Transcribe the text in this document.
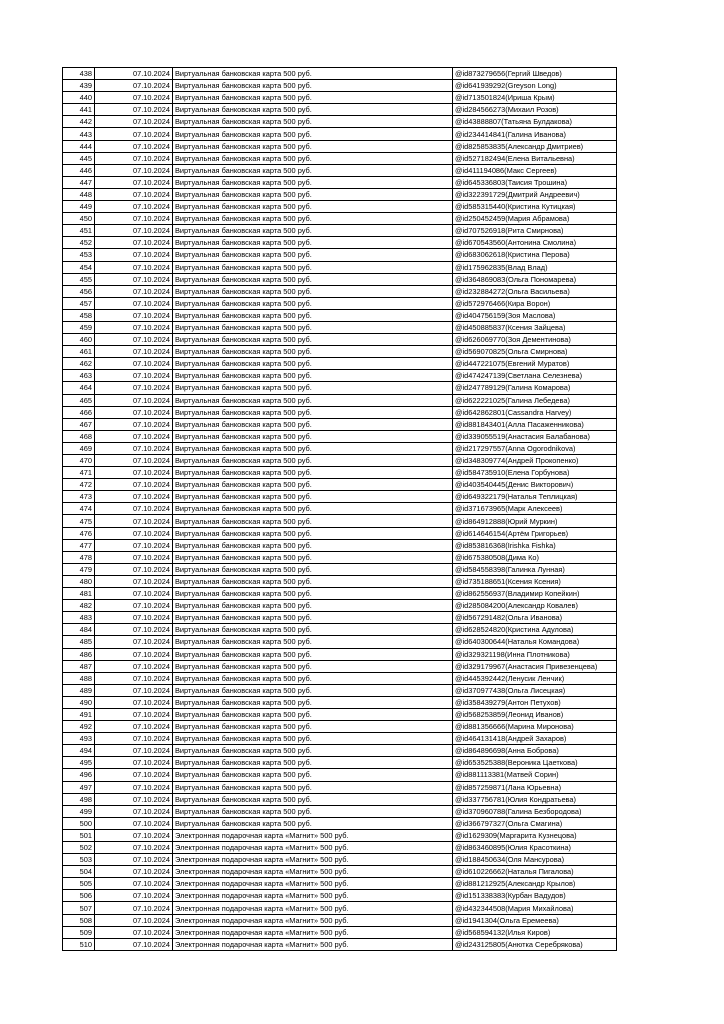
438	07.10.2024	Виртуальная банковская карта 500 руб.	@id873279656(Гергий Шведов)
439	07.10.2024	Виртуальная банковская карта 500 руб.	@id641939292(Greyson Long)
440	07.10.2024	Виртуальная банковская карта 500 руб.	@id713501824(Ириша Крым)
441	07.10.2024	Виртуальная банковская карта 500 руб.	@id284566273(Михаил Розов)
442	07.10.2024	Виртуальная банковская карта 500 руб.	@id43888807(Татьяна Булдакова)
443	07.10.2024	Виртуальная банковская карта 500 руб.	@id234414841(Галина Иванова)
444	07.10.2024	Виртуальная банковская карта 500 руб.	@id825853835(Александр Дмитриев)
445	07.10.2024	Виртуальная банковская карта 500 руб.	@id527182494(Елена Витальевна)
446	07.10.2024	Виртуальная банковская карта 500 руб.	@id411194086(Макс Сергеев)
447	07.10.2024	Виртуальная банковская карта 500 руб.	@id645336803(Таисия Трошина)
448	07.10.2024	Виртуальная банковская карта 500 руб.	@id322391729(Дмитрий Андреевич)
449	07.10.2024	Виртуальная банковская карта 500 руб.	@id585315440(Кристина Кутицкая)
450	07.10.2024	Виртуальная банковская карта 500 руб.	@id250452459(Мария Абрамова)
451	07.10.2024	Виртуальная банковская карта 500 руб.	@id707526918(Рита Смирнова)
452	07.10.2024	Виртуальная банковская карта 500 руб.	@id670543560(Антонина Смолина)
453	07.10.2024	Виртуальная банковская карта 500 руб.	@id683062618(Кристина Перова)
454	07.10.2024	Виртуальная банковская карта 500 руб.	@id175962835(Влад Влад)
455	07.10.2024	Виртуальная банковская карта 500 руб.	@id36486908З(Ольга Пономарева)
456	07.10.2024	Виртуальная банковская карта 500 руб.	@id232884272(Ольга Васильева)
457	07.10.2024	Виртуальная банковская карта 500 руб.	@id572976466(Кира Ворон)
458	07.10.2024	Виртуальная банковская карта 500 руб.	@id404756159(Зоя Маслова)
459	07.10.2024	Виртуальная банковская карта 500 руб.	@id450885837(Ксения Зайцева)
460	07.10.2024	Виртуальная банковская карта 500 руб.	@id626069770(Зоя Дементинова)
461	07.10.2024	Виртуальная банковская карта 500 руб.	@id569070825(Ольга Смирнова)
462	07.10.2024	Виртуальная банковская карта 500 руб.	@id447221075(Евгений Муратов)
463	07.10.2024	Виртуальная банковская карта 500 руб.	@id474247139(Светлана Селезнева)
464	07.10.2024	Виртуальная банковская карта 500 руб.	@id247789129(Галина Комарова)
465	07.10.2024	Виртуальная банковская карта 500 руб.	@id622221025(Галина Лебедева)
466	07.10.2024	Виртуальная банковская карта 500 руб.	@id642862801(Cassandra Harvey)
467	07.10.2024	Виртуальная банковская карта 500 руб.	@id881843401(Алла Пасаженникова)
468	07.10.2024	Виртуальная банковская карта 500 руб.	@id339055519(Анастасия Балабанова)
469	07.10.2024	Виртуальная банковская карта 500 руб.	@id217297557(Anna Ogorodnikova)
470	07.10.2024	Виртуальная банковская карта 500 руб.	@id348309774(Андрей Прокопенко)
471	07.10.2024	Виртуальная банковская карта 500 руб.	@id584735910(Елена Горбунова)
472	07.10.2024	Виртуальная банковская карта 500 руб.	@id403540445(Денис Викторович)
473	07.10.2024	Виртуальная банковская карта 500 руб.	@id649322179(Наталья Теплицкая)
474	07.10.2024	Виртуальная банковская карта 500 руб.	@id371673965(Марк Алексеев)
475	07.10.2024	Виртуальная банковская карта 500 руб.	@id864912888(Юрий Муркин)
476	07.10.2024	Виртуальная банковская карта 500 руб.	@id614646154(Артём Григорьев)
477	07.10.2024	Виртуальная банковская карта 500 руб.	@id853816368(Irishka Fishka)
478	07.10.2024	Виртуальная банковская карта 500 руб.	@id675380508(Дима Ко)
479	07.10.2024	Виртуальная банковская карта 500 руб.	@id584558398(Галинка Лунная)
480	07.10.2024	Виртуальная банковская карта 500 руб.	@id735188651(Ксения Ксения)
481	07.10.2024	Виртуальная банковская карта 500 руб.	@id862556937(Владимир Копейкин)
482	07.10.2024	Виртуальная банковская карта 500 руб.	@id285084200(Александр Ковалев)
483	07.10.2024	Виртуальная банковская карта 500 руб.	@id567291482(Ольга Иванова)
484	07.10.2024	Виртуальная банковская карта 500 руб.	@id628524820(Кристина Адулова)
485	07.10.2024	Виртуальная банковская карта 500 руб.	@id640300644(Наталья Командова)
486	07.10.2024	Виртуальная банковская карта 500 руб.	@id329321198(Инна Плотникова)
487	07.10.2024	Виртуальная банковская карта 500 руб.	@id329179967(Анастасия Привезенцева)
488	07.10.2024	Виртуальная банковская карта 500 руб.	@id445392442(Ленусик Ленчик)
489	07.10.2024	Виртуальная банковская карта 500 руб.	@id370977438(Ольга Лисецкая)
490	07.10.2024	Виртуальная банковская карта 500 руб.	@id358439279(Антон Петухов)
491	07.10.2024	Виртуальная банковская карта 500 руб.	@id568253859(Леонид Иванов)
492	07.10.2024	Виртуальная банковская карта 500 руб.	@id881356666(Марина Миронова)
493	07.10.2024	Виртуальная банковская карта 500 руб.	@id464131418(Андрей Захаров)
494	07.10.2024	Виртуальная банковская карта 500 руб.	@id864896698(Анна Боброва)
495	07.10.2024	Виртуальная банковская карта 500 руб.	@id653525388(Вероника Цаеткова)
496	07.10.2024	Виртуальная банковская карта 500 руб.	@id881113381(Матвей Сорин)
497	07.10.2024	Виртуальная банковская карта 500 руб.	@id857259871(Лана Юрьевна)
498	07.10.2024	Виртуальная банковская карта 500 руб.	@id337756781(Юлия Кондратьева)
499	07.10.2024	Виртуальная банковская карта 500 руб.	@id370960788(Галина Безбородова)
500	07.10.2024	Виртуальная банковская карта 500 руб.	@id366797327(Ольга Смагина)
501	07.10.2024	Электронная подарочная карта «Магнит» 500 руб.	@id1629309(Маргарита Кузнецова)
502	07.10.2024	Электронная подарочная карта «Магнит» 500 руб.	@id863460895(Юлия Красоткина)
503	07.10.2024	Электронная подарочная карта «Магнит» 500 руб.	@id188450634(Оля Мансурова)
504	07.10.2024	Электронная подарочная карта «Магнит» 500 руб.	@id610226662(Наталья Пигалова)
505	07.10.2024	Электронная подарочная карта «Магнит» 500 руб.	@id881212925(Александр Крылов)
506	07.10.2024	Электронная подарочная карта «Магнит» 500 руб.	@id151338383(Курбан Вадудов)
507	07.10.2024	Электронная подарочная карта «Магнит» 500 руб.	@id432344508(Мария Михайлова)
508	07.10.2024	Электронная подарочная карта «Магнит» 500 руб.	@id1941304(Ольга Еремеева)
509	07.10.2024	Электронная подарочная карта «Магнит» 500 руб.	@id568594132(Илья Киров)
510	07.10.2024	Электронная подарочная карта «Магнит» 500 руб.	@id243125805(Анютка Серебрякова)
